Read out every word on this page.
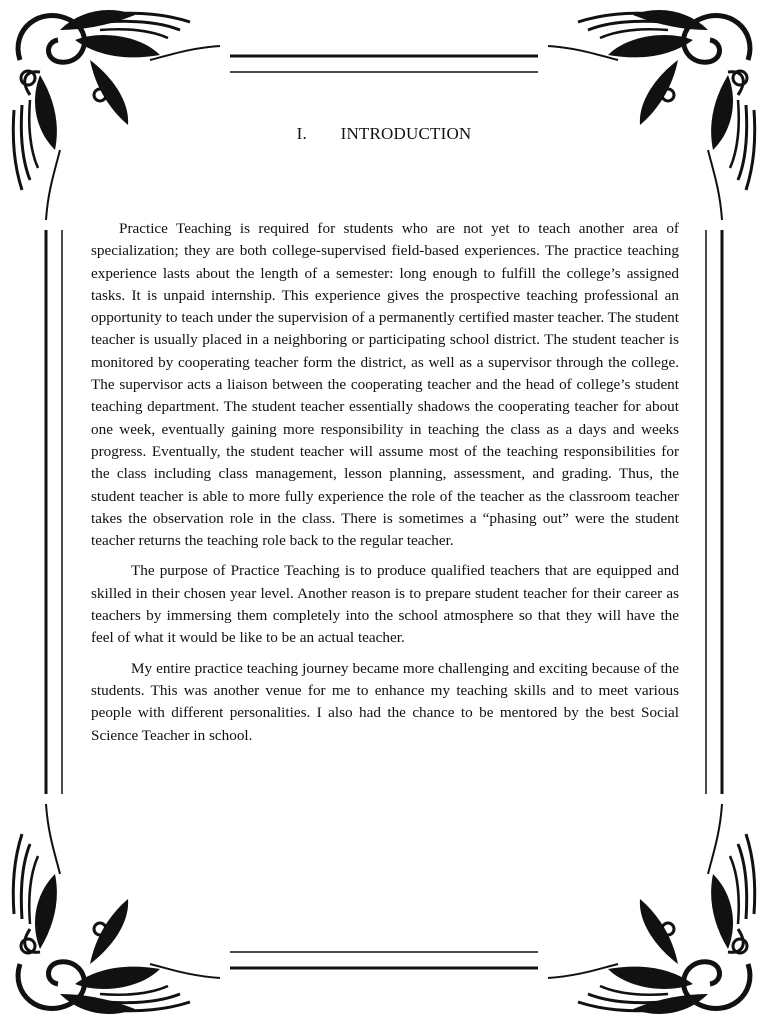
I. INTRODUCTION

Practice Teaching is required for students who are not yet to teach another area of specialization; they are both college-supervised field-based experiences. The practice teaching experience lasts about the length of a semester: long enough to fulfill the college’s assigned tasks. It is unpaid internship. This experience gives the prospective teaching professional an opportunity to teach under the supervision of a permanently certified master teacher. The student teacher is usually placed in a neighboring or participating school district. The student teacher is monitored by cooperating teacher form the district, as well as a supervisor through the college. The supervisor acts a liaison between the cooperating teacher and the head of college’s student teaching department. The student teacher essentially shadows the cooperating teacher for about one week, eventually gaining more responsibility in teaching the class as a days and weeks progress. Eventually, the student teacher will assume most of the teaching responsibilities for the class including class management, lesson planning, assessment, and grading. Thus, the student teacher is able to more fully experience the role of the teacher as the classroom teacher takes the observation role in the class. There is sometimes a “phasing out” were the student teacher returns the teaching role back to the regular teacher.

The purpose of Practice Teaching is to produce qualified teachers that are equipped and skilled in their chosen year level. Another reason is to prepare student teacher for their career as teachers by immersing them completely into the school atmosphere so that they will have the feel of what it would be like to be an actual teacher.

My entire practice teaching journey became more challenging and exciting because of the students. This was another venue for me to enhance my teaching skills and to meet various people with different personalities. I also had the chance to be mentored by the best Social Science Teacher in school.
